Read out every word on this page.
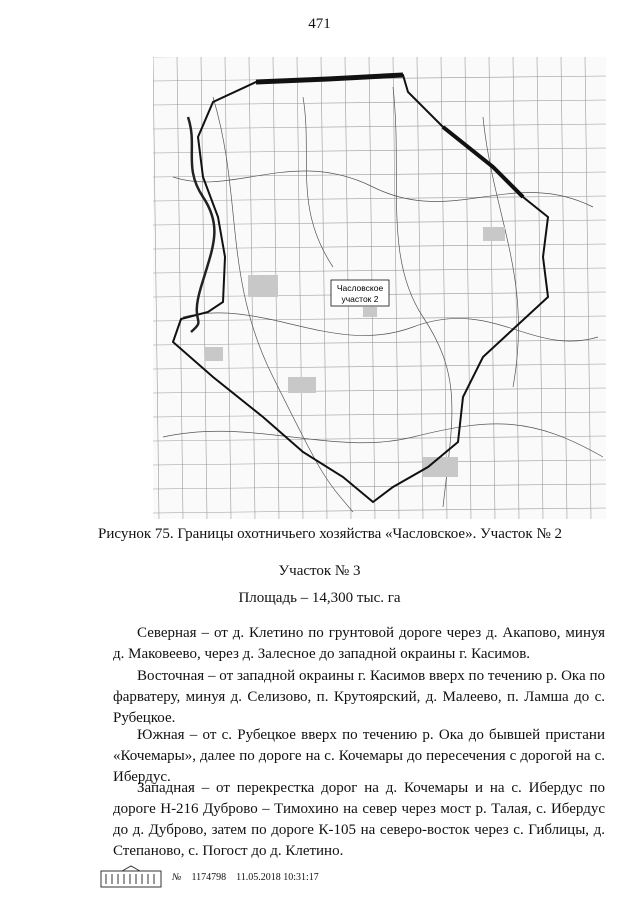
471
Часловское
участок 2
Рисунок 75. Границы охотничьего хозяйства «Часловское». Участок № 2
Участок № 3
Площадь – 14,300 тыс. га

Северная – от д. Клетино по грунтовой дороге через д. Акапово, минуя д. Маковеево, через д. Залесное до западной окраины г. Касимов.

Восточная – от западной окраины г. Касимов вверх по течению р. Ока по фарватеру, минуя д. Селизово, п. Крутоярский, д. Малеево, п. Ламша до с. Рубецкое.

Южная – от с. Рубецкое вверх по течению р. Ока до бывшей пристани «Кочемары», далее по дороге на с. Кочемары до пересечения с дорогой на с. Ибердус.

Западная – от перекрестка дорог на д. Кочемары и на с. Ибердус по дороге Н-216 Дуброво – Тимохино на север через мост р. Талая, с. Ибердус до д. Дуброво, затем по дороге К-105 на северо-восток через с. Гиблицы, д. Степаново, с. Погост до д. Клетино.

№ 1174798 11.05.2018 10:31:17
